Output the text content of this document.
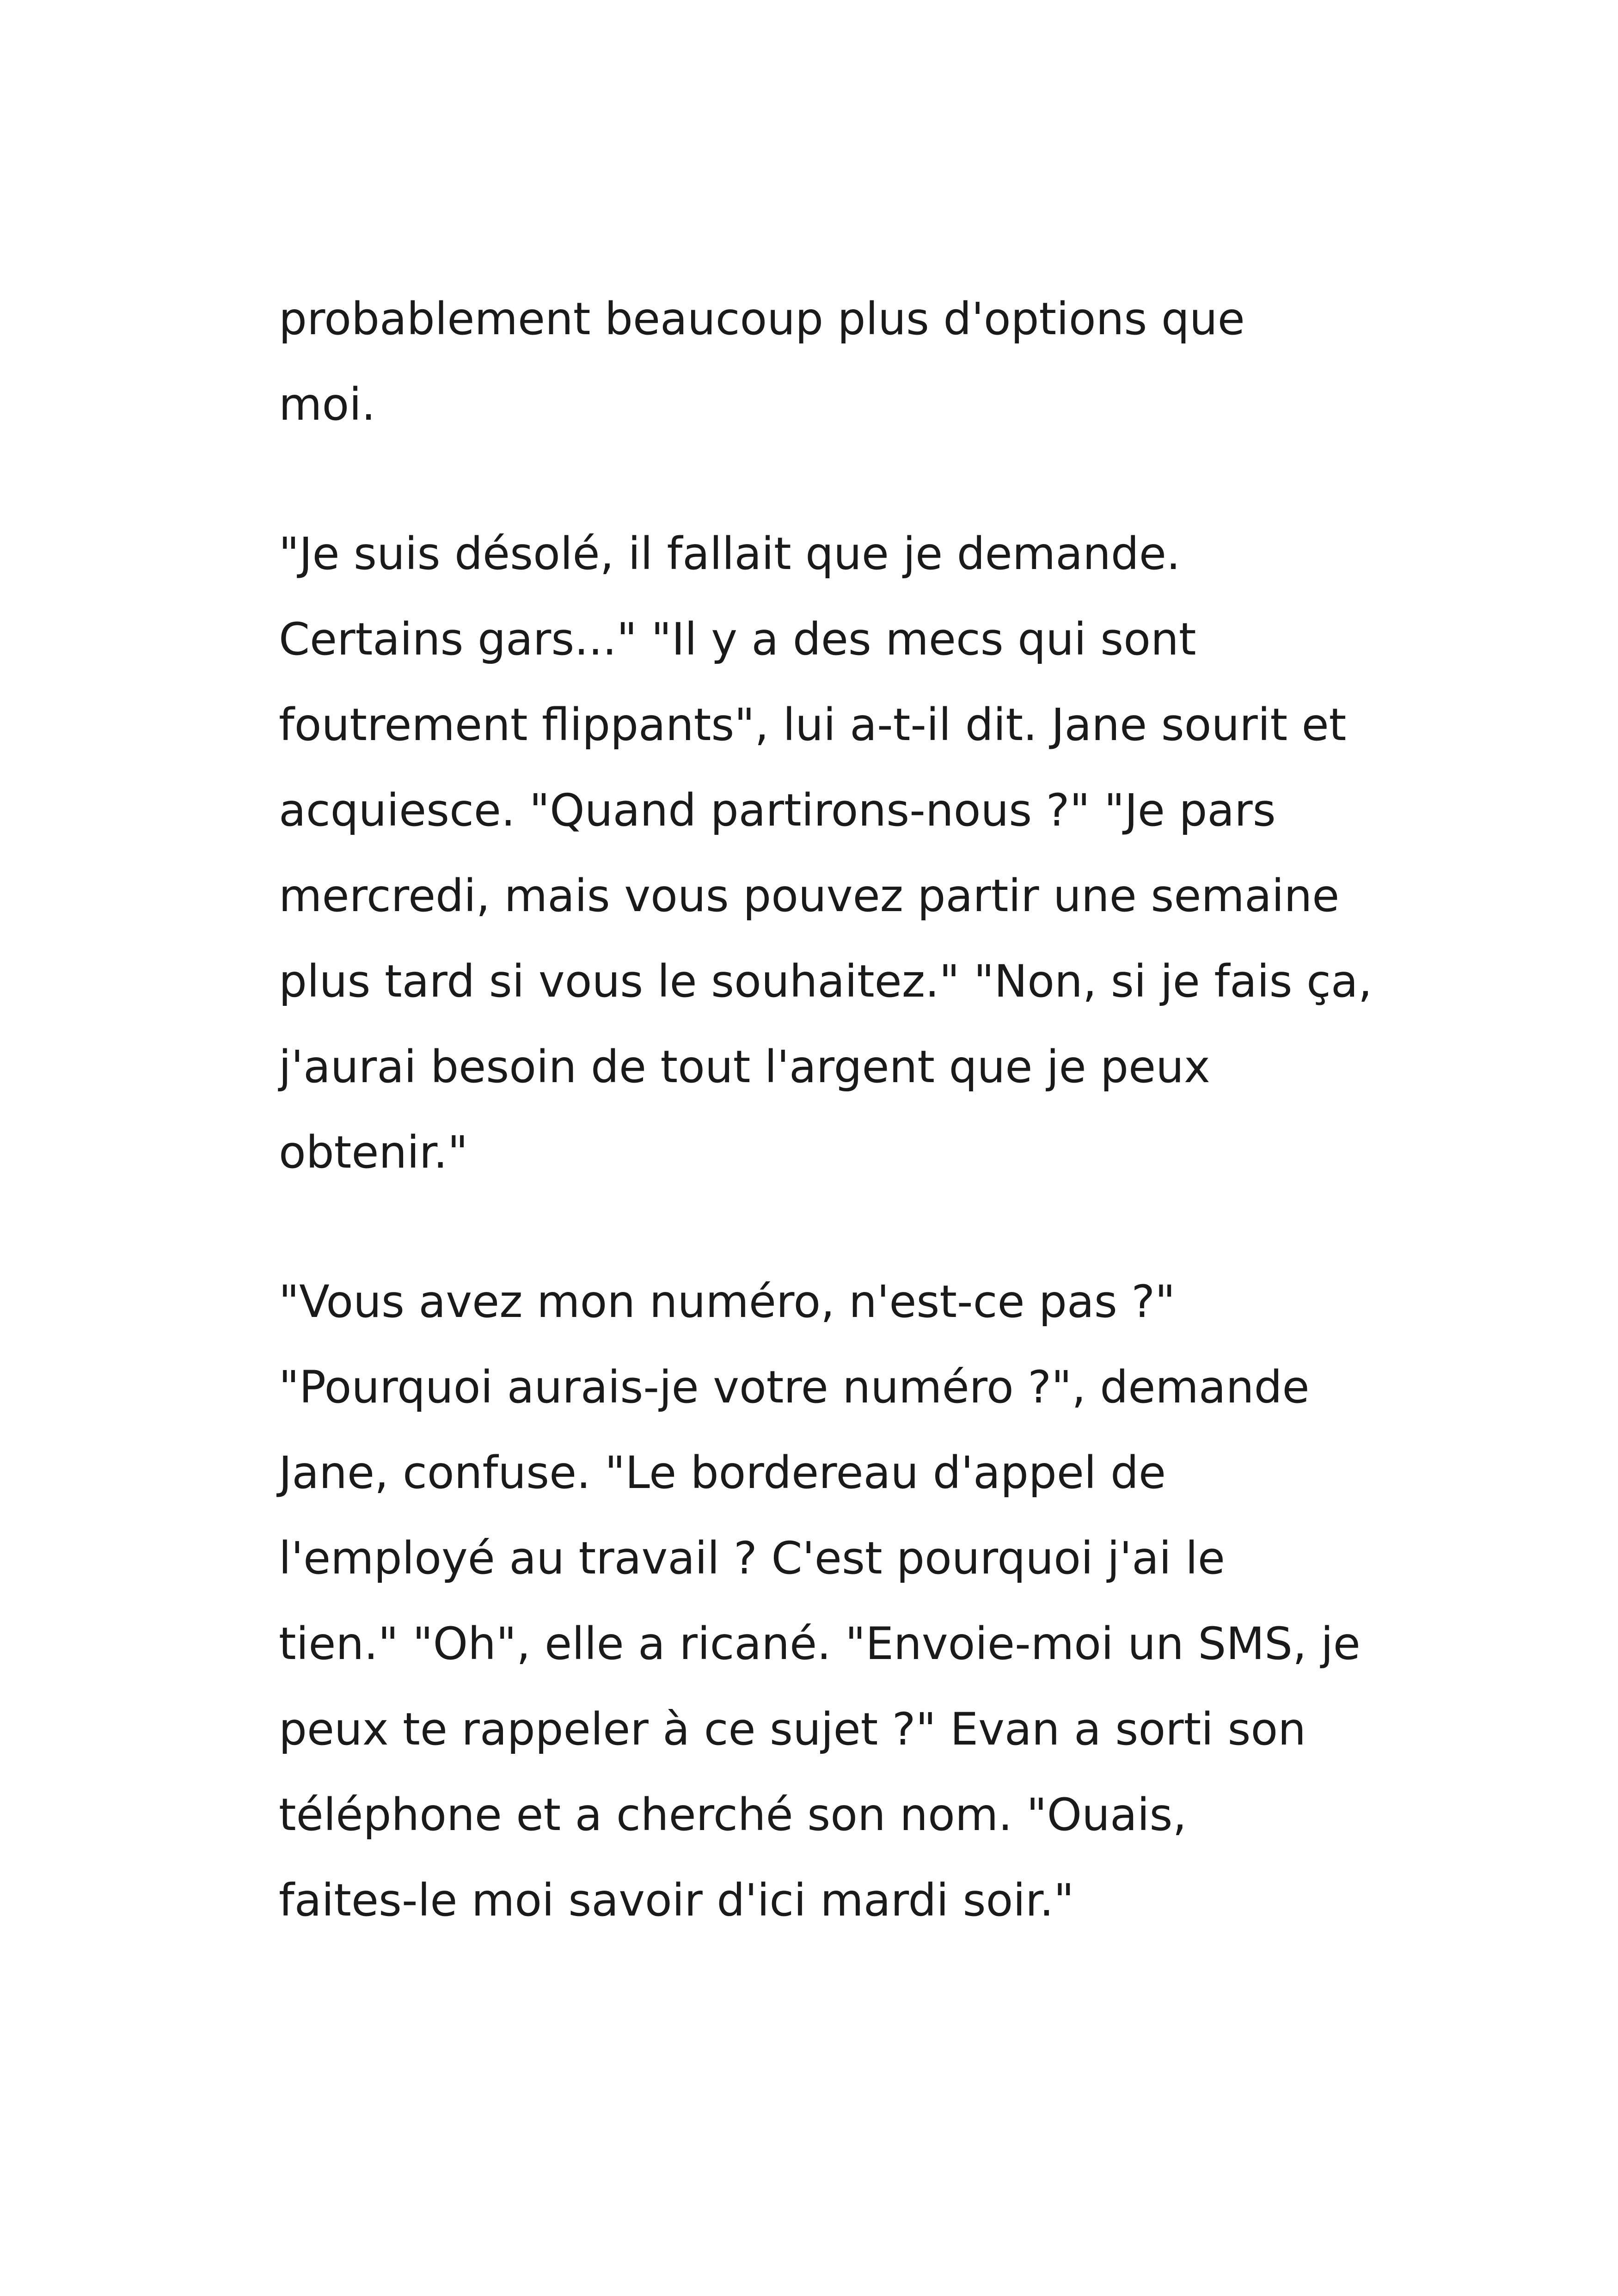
probablement beaucoup plus d'options que
moi.

"Je suis désolé, il fallait que je demande.
Certains gars..." "Il y a des mecs qui sont
foutrement flippants", lui a-t-il dit. Jane sourit et
acquiesce. "Quand partirons-nous ?" "Je pars
mercredi, mais vous pouvez partir une semaine
plus tard si vous le souhaitez." "Non, si je fais ça,
j'aurai besoin de tout l'argent que je peux
obtenir."

"Vous avez mon numéro, n'est-ce pas ?"
"Pourquoi aurais-je votre numéro ?", demande
Jane, confuse. "Le bordereau d'appel de
l'employé au travail ? C'est pourquoi j'ai le
tien." "Oh", elle a ricané. "Envoie-moi un SMS, je
peux te rappeler à ce sujet ?" Evan a sorti son
téléphone et a cherché son nom. "Ouais,
faites-le moi savoir d'ici mardi soir."
